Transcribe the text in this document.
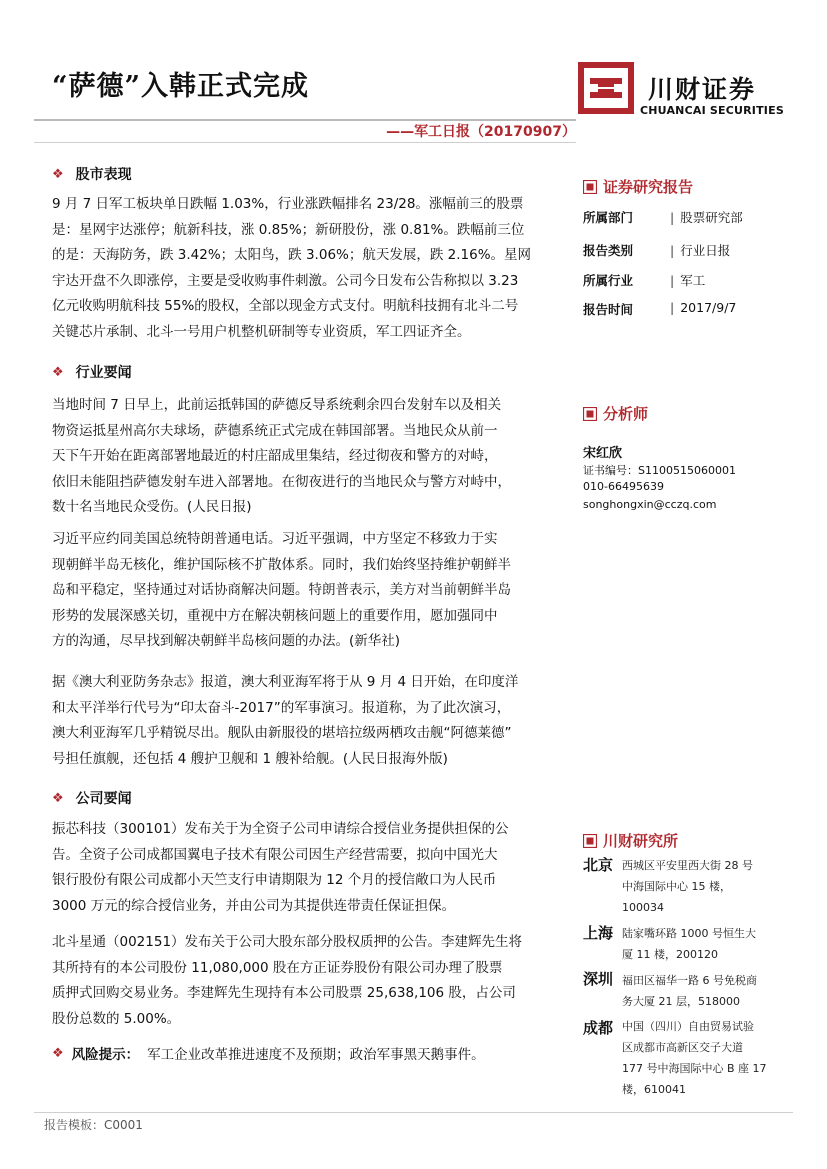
“萨德”入韩正式完成
——军工日报（20170907）
川财证券
CHUANCAI SECURITIES
❖ 股市表现
9 月 7 日军工板块单日跌幅 1.03%，行业涨跌幅排名 23/28。涨幅前三的股票
是：星网宇达涨停；航新科技，涨 0.85%；新研股份，涨 0.81%。跌幅前三位
的是：天海防务，跌 3.42%；太阳鸟，跌 3.06%；航天发展，跌 2.16%。星网
宇达开盘不久即涨停，主要是受收购事件刺激。公司今日发布公告称拟以 3.23
亿元收购明航科技 55%的股权，全部以现金方式支付。明航科技拥有北斗二号
关键芯片承制、北斗一号用户机整机研制等专业资质，军工四证齐全。
❖ 行业要闻
当地时间 7 日早上，此前运抵韩国的萨德反导系统剩余四台发射车以及相关
物资运抵星州高尔夫球场，萨德系统正式完成在韩国部署。当地民众从前一
天下午开始在距离部署地最近的村庄韶成里集结，经过彻夜和警方的对峙，
依旧未能阻挡萨德发射车进入部署地。在彻夜进行的当地民众与警方对峙中，
数十名当地民众受伤。(人民日报)
习近平应约同美国总统特朗普通电话。习近平强调，中方坚定不移致力于实
现朝鲜半岛无核化，维护国际核不扩散体系。同时，我们始终坚持维护朝鲜半
岛和平稳定，坚持通过对话协商解决问题。特朗普表示，美方对当前朝鲜半岛
形势的发展深感关切，重视中方在解决朝核问题上的重要作用，愿加强同中
方的沟通，尽早找到解决朝鲜半岛核问题的办法。(新华社)
据《澳大利亚防务杂志》报道，澳大利亚海军将于从 9 月 4 日开始，在印度洋
和太平洋举行代号为“印太奋斗-2017”的军事演习。报道称，为了此次演习，
澳大利亚海军几乎精锐尽出。舰队由新服役的堪培拉级两栖攻击舰“阿德莱德”
号担任旗舰，还包括 4 艘护卫舰和 1 艘补给舰。(人民日报海外版)
❖ 公司要闻
振芯科技（300101）发布关于为全资子公司申请综合授信业务提供担保的公
告。全资子公司成都国翼电子技术有限公司因生产经营需要，拟向中国光大
银行股份有限公司成都小天竺支行申请期限为 12 个月的授信敞口为人民币
3000 万元的综合授信业务，并由公司为其提供连带责任保证担保。
北斗星通（002151）发布关于公司大股东部分股权质押的公告。李建辉先生将
其所持有的本公司股份 11,080,000 股在方正证券股份有限公司办理了股票
质押式回购交易业务。李建辉先生现持有本公司股票 25,638,106 股，占公司
股份总数的 5.00%。
❖ 风险提示： 军工企业改革推进速度不及预期；政治军事黑天鹅事件。
证券研究报告
所属部门	| 股票研究部
报告类别	| 行业日报
所属行业	| 军工
报告时间	| 2017/9/7
分析师
宋红欣
证书编号：S1100515060001
010-66495639
songhongxin@cczq.com
川财研究所
北京 西城区平安里西大街 28 号
中海国际中心 15 楼，
100034
上海 陆家嘴环路 1000 号恒生大
厦 11 楼，200120
深圳 福田区福华一路 6 号免税商
务大厦 21 层，518000
成都 中国（四川）自由贸易试验
区成都市高新区交子大道
177 号中海国际中心 B 座 17
楼，610041
报告模板：C0001
